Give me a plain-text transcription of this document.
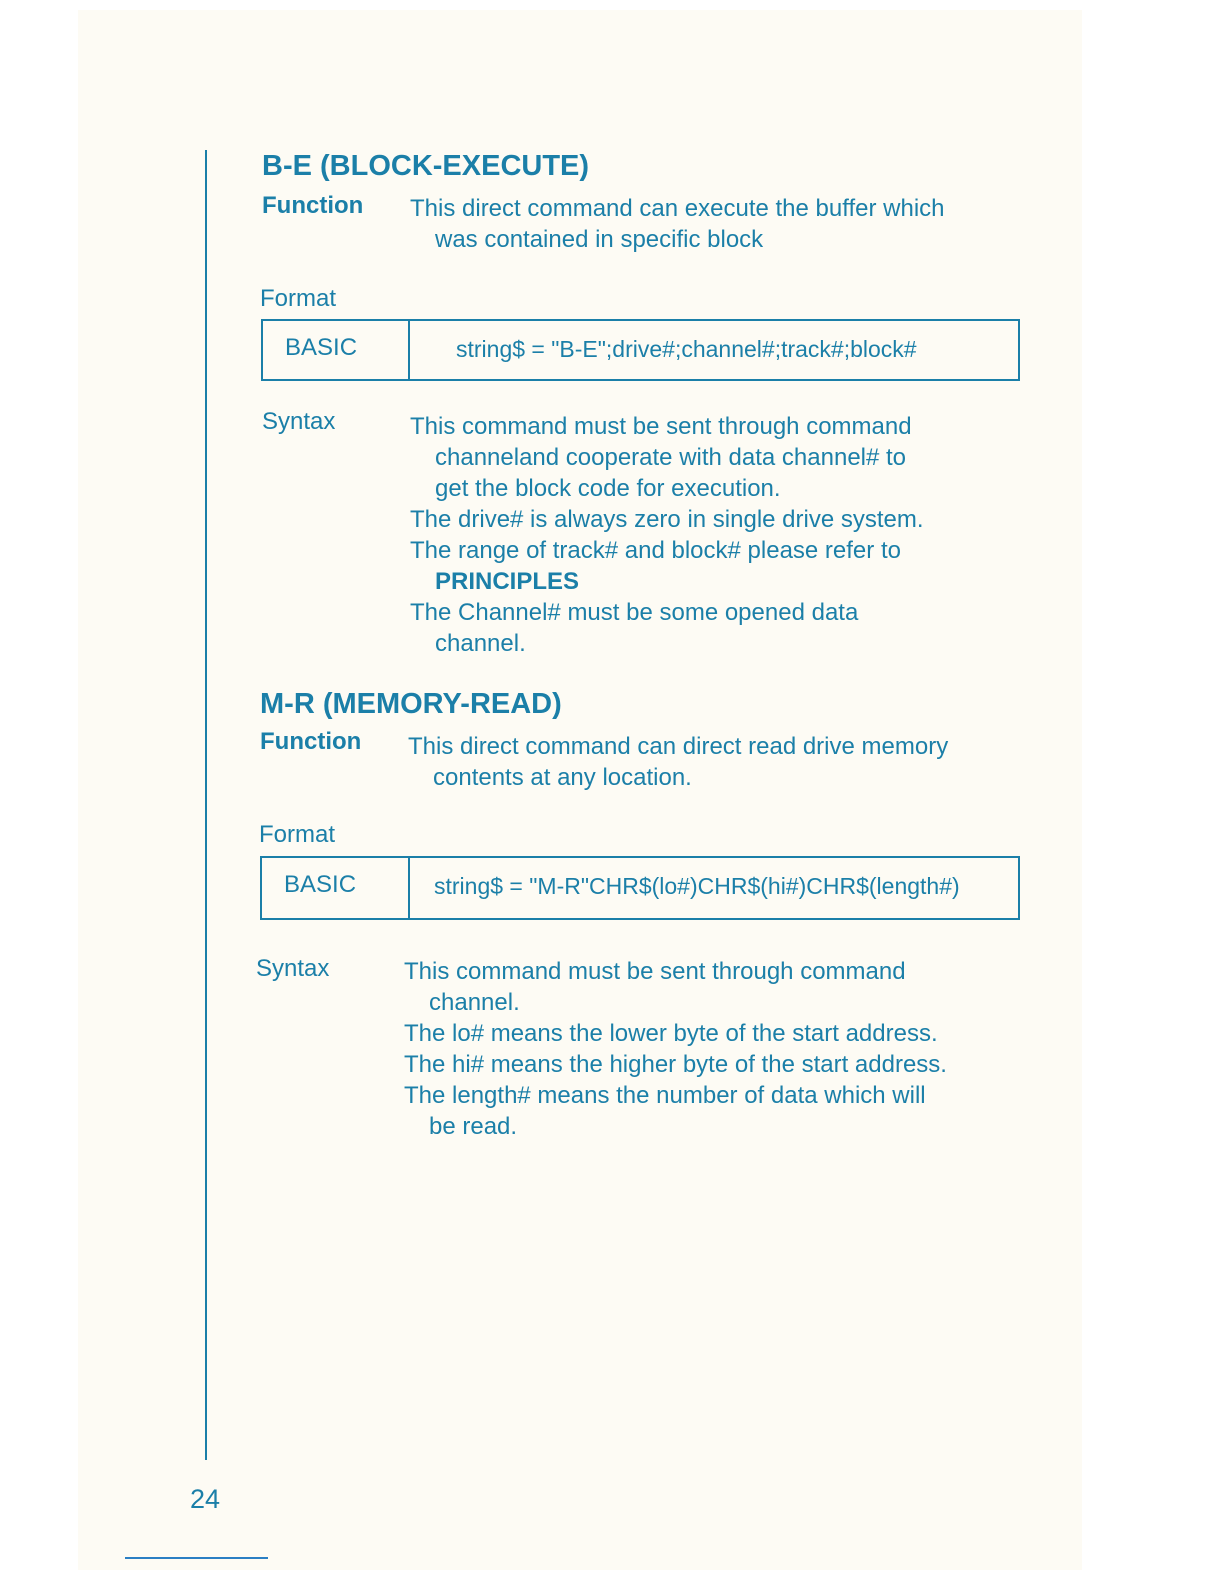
B-E (BLOCK-EXECUTE)
Function This direct command can execute the buffer which
was contained in specific block
Format
BASIC	string$ = "B-E";drive#;channel#;track#;block#
Syntax	This command must be sent through command
channeland cooperate with data channel# to
get the block code for execution.
The drive# is always zero in single drive system.
The range of track# and block# please refer to
PRINCIPLES
The Channel# must be some opened data
channel.
M-R (MEMORY-READ)
Function This direct command can direct read drive memory
contents at any location.
Format
BASIC	string$ = "M-R"CHR$(lo#)CHR$(hi#)CHR$(length#)
Syntax	This command must be sent through command
channel.
The lo# means the lower byte of the start address.
The hi# means the higher byte of the start address.
The length# means the number of data which will
be read.
24
